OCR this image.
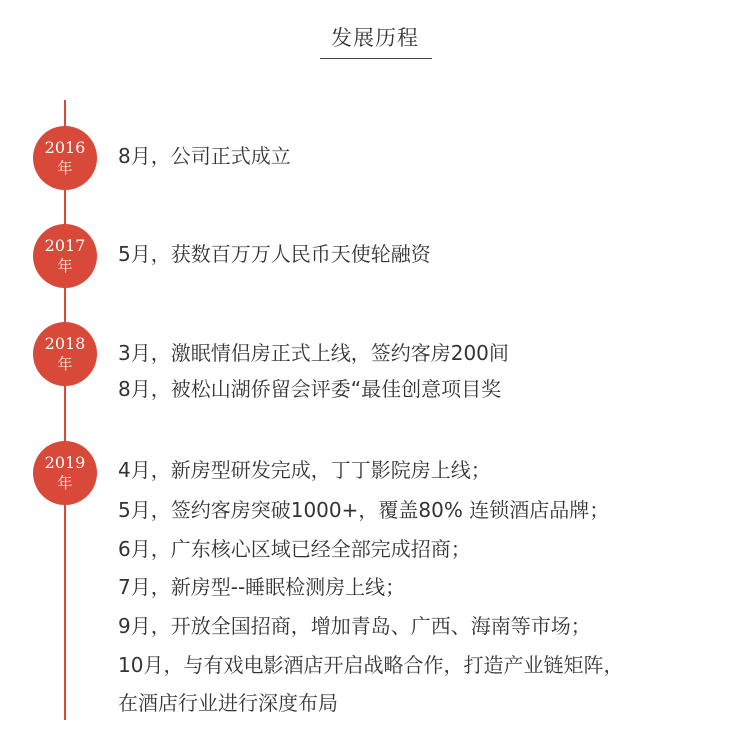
发展历程
2016
年 8月，公司正式成立
2017
年 5月，获数百万万人民币天使轮融资
2018
年 3月，激眠情侣房正式上线，签约客房200间
8月，被松山湖侨留会评委“最佳创意项目奖
2019
年
4月，新房型研发完成，丁丁影院房上线；
5月，签约客房突破1000+，覆盖80% 连锁酒店品牌；
6月，广东核心区域已经全部完成招商；
7月，新房型--睡眠检测房上线；
9月，开放全国招商，增加青岛、广西、海南等市场；
10月，与有戏电影酒店开启战略合作，打造产业链矩阵，
在酒店行业进行深度布局
